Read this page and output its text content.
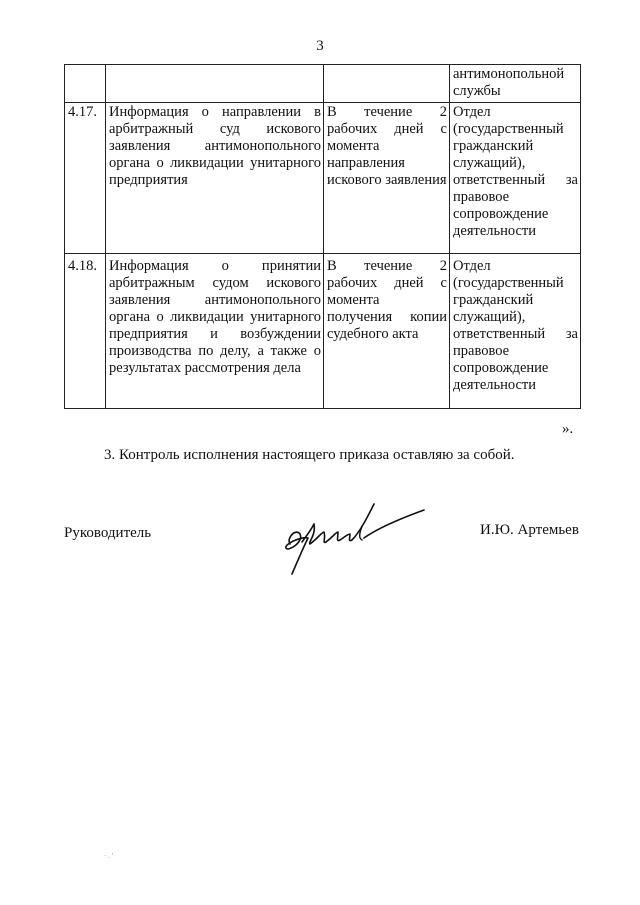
3
			антимонопольной службы
4.17.	Информация о направлении в арбитражный суд искового заявления антимонопольного органа о ликвидации унитарного предприятия	В течение 2 рабочих дней с момента направления искового заявления	Отдел (государственный гражданский служащий), ответственный за правовое сопровождение деятельности
4.18.	Информация о принятии арбитражным судом искового заявления антимонопольного органа о ликвидации унитарного предприятия и возбуждении производства по делу, а также о результатах рассмотрения дела	В течение 2 рабочих дней с момента получения копии судебного акта	Отдел (государственный гражданский служащий), ответственный за правовое сопровождение деятельности
».
3. Контроль исполнения настоящего приказа оставляю за собой.
Руководитель	И.Ю. Артемьев
· . '
